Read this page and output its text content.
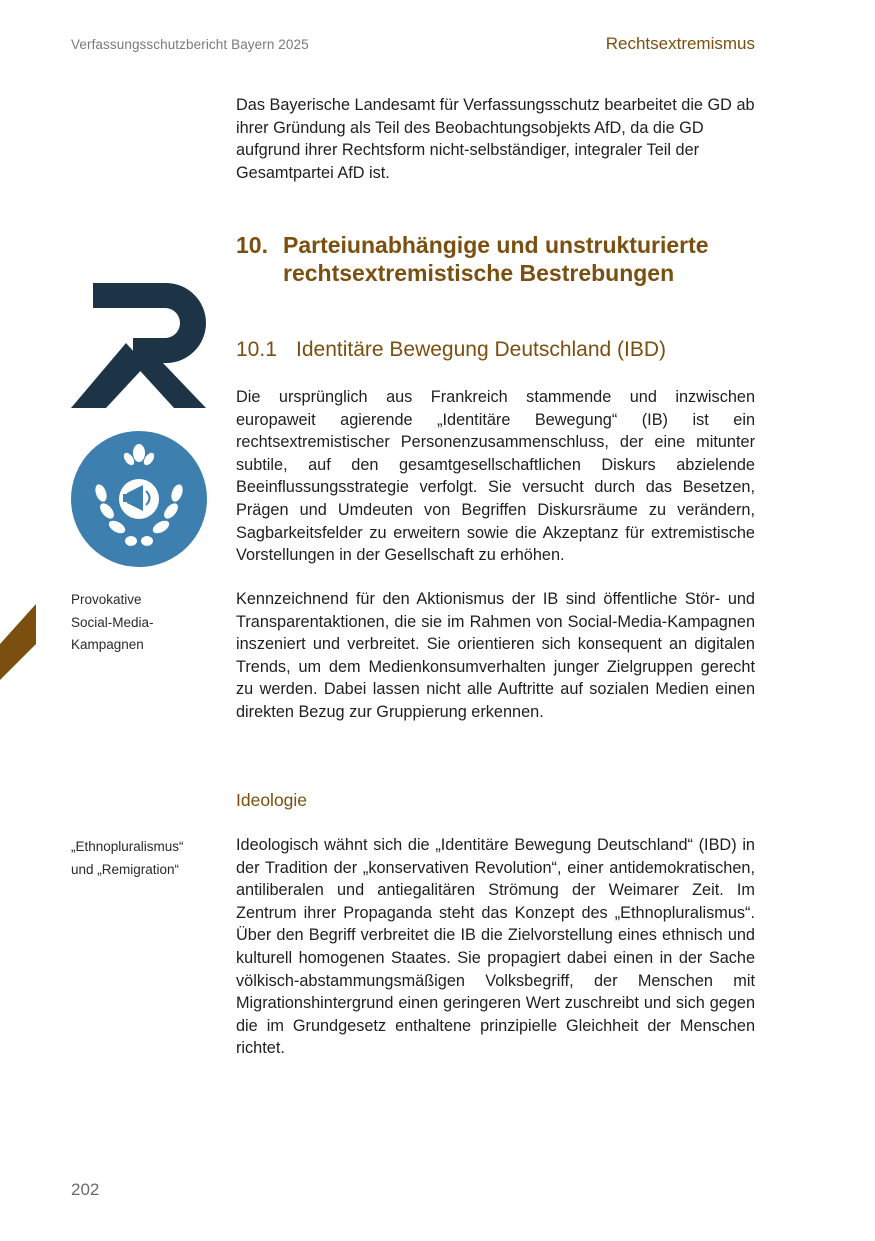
Verfassungsschutzbericht Bayern 2025	Rechtsextremismus

Das Bayerische Landesamt für Verfassungsschutz bearbeitet die GD ab ihrer Gründung als Teil des Beobachtungsobjekts AfD, da die GD aufgrund ihrer Rechtsform nicht-selbständiger, integraler Teil der Gesamtpartei AfD ist.

10. Parteiunabhängige und unstrukturierte rechtsextremistische Bestrebungen
10.1 Identitäre Bewegung Deutschland (IBD)

Die ursprünglich aus Frankreich stammende und inzwischen europaweit agierende „Identitäre Bewegung“ (IB) ist ein rechtsextremistischer Personenzusammenschluss, der eine mitunter subtile, auf den gesamtgesellschaftlichen Diskurs abzielende Beeinflussungsstrategie verfolgt. Sie versucht durch das Besetzen, Prägen und Umdeuten von Begriffen Diskursräume zu verändern, Sagbarkeitsfelder zu erweitern sowie die Akzeptanz für extremistische Vorstellungen in der Gesellschaft zu erhöhen.

Provokative
Social-Media-
Kampagnen

Kennzeichnend für den Aktionismus der IB sind öffentliche Stör- und Transparentaktionen, die sie im Rahmen von Social-Media-Kampagnen inszeniert und verbreitet. Sie orientieren sich konsequent an digitalen Trends, um dem Medienkonsumverhalten junger Zielgruppen gerecht zu werden. Dabei lassen nicht alle Auftritte auf sozialen Medien einen direkten Bezug zur Gruppierung erkennen.

Ideologie
„Ethnopluralismus“
und „Remigration“

Ideologisch wähnt sich die „Identitäre Bewegung Deutschland“ (IBD) in der Tradition der „konservativen Revolution“, einer antidemokratischen, antiliberalen und antiegalitären Strömung der Weimarer Zeit. Im Zentrum ihrer Propaganda steht das Konzept des „Ethnopluralismus“. Über den Begriff verbreitet die IB die Zielvorstellung eines ethnisch und kulturell homogenen Staates. Sie propagiert dabei einen in der Sache völkisch-abstammungsmäßigen Volksbegriff, der Menschen mit Migrationshintergrund einen geringeren Wert zuschreibt und sich gegen die im Grundgesetz enthaltene prinzipielle Gleichheit der Menschen richtet.

202
